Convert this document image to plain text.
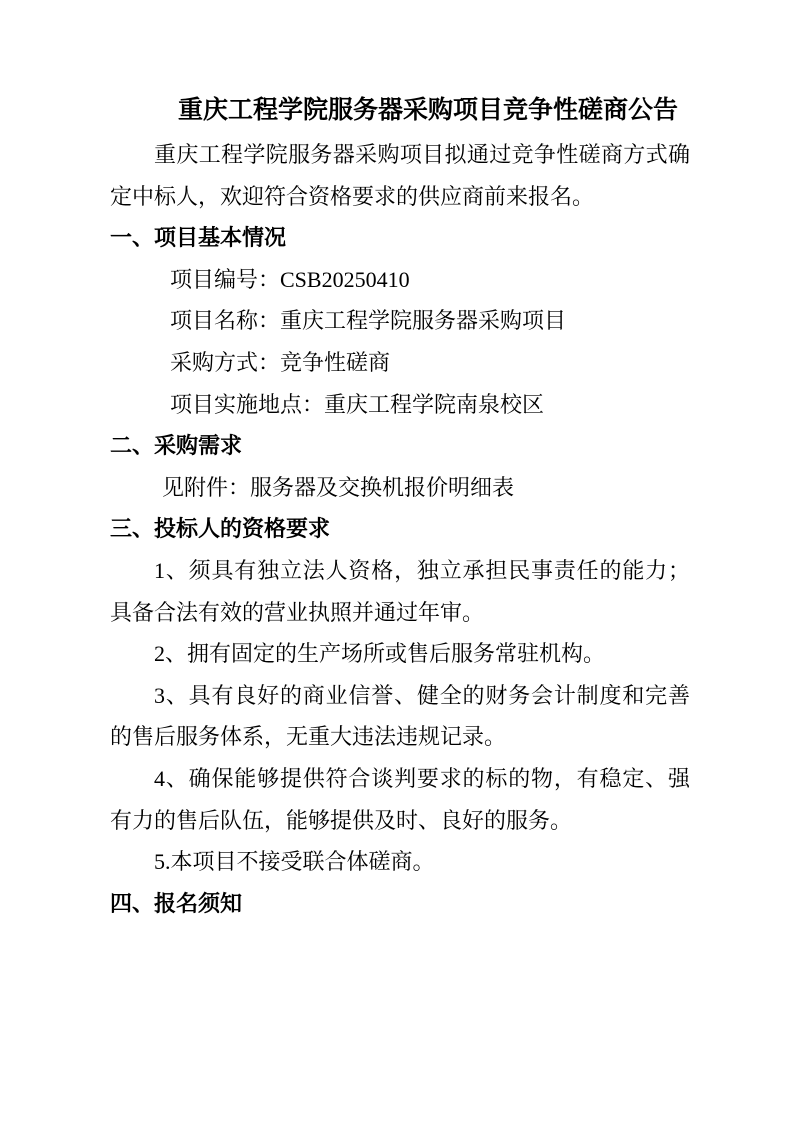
重庆工程学院服务器采购项目竞争性磋商公告

重庆工程学院服务器采购项目拟通过竞争性磋商方式确定中标人，欢迎符合资格要求的供应商前来报名。

一、项目基本情况

项目编号：CSB20250410

项目名称：重庆工程学院服务器采购项目

采购方式：竞争性磋商

项目实施地点：重庆工程学院南泉校区

二、采购需求

见附件：服务器及交换机报价明细表

三、投标人的资格要求

1、须具有独立法人资格，独立承担民事责任的能力；具备合法有效的营业执照并通过年审。

2、拥有固定的生产场所或售后服务常驻机构。

3、具有良好的商业信誉、健全的财务会计制度和完善的售后服务体系，无重大违法违规记录。

4、确保能够提供符合谈判要求的标的物，有稳定、强有力的售后队伍，能够提供及时、良好的服务。

5.本项目不接受联合体磋商。

四、报名须知
